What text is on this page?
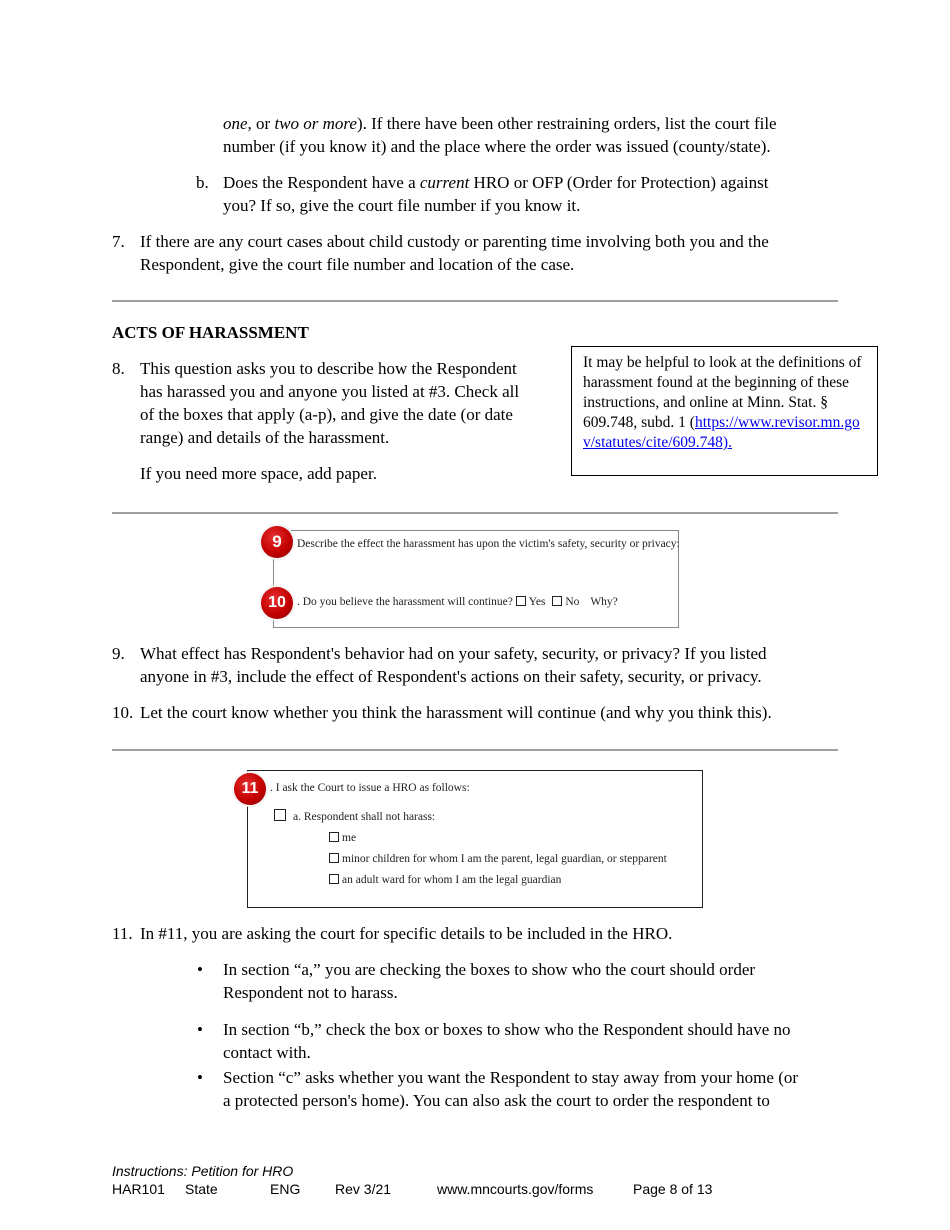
one, or two or more). If there have been other restraining orders, list the court file
number (if you know it) and the place where the order was issued (county/state).
b. Does the Respondent have a current HRO or OFP (Order for Protection) against
you? If so, give the court file number if you know it.
7. If there are any court cases about child custody or parenting time involving both you and the
Respondent, give the court file number and location of the case.
ACTS OF HARASSMENT
8. This question asks you to describe how the Respondent
has harassed you and anyone you listed at #3. Check all
of the boxes that apply (a-p), and give the date (or date
range) and details of the harassment.
If you need more space, add paper.
It may be helpful to look at the definitions of harassment found at the beginning of these instructions, and online at Minn. Stat. § 609.748, subd. 1 (https://www.revisor.mn.gov/statutes/cite/609.748).
Describe the effect the harassment has upon the victim's safety, security or privacy:
. Do you believe the harassment will continue? Yes No Why?
9
10
9. What effect has Respondent's behavior had on your safety, security, or privacy? If you listed
anyone in #3, include the effect of Respondent's actions on their safety, security, or privacy.
10. Let the court know whether you think the harassment will continue (and why you think this).
. I ask the Court to issue a HRO as follows:
a. Respondent shall not harass:
me
minor children for whom I am the parent, legal guardian, or stepparent
an adult ward for whom I am the legal guardian
11
11. In #11, you are asking the court for specific details to be included in the HRO.
• In section “a,” you are checking the boxes to show who the court should order
Respondent not to harass.
• In section “b,” check the box or boxes to show who the Respondent should have no
contact with.
• Section “c” asks whether you want the Respondent to stay away from your home (or
a protected person's home). You can also ask the court to order the respondent to
Instructions: Petition for HRO
HAR101 State	ENG Rev 3/21	www.mncourts.gov/forms	Page 8 of 13
